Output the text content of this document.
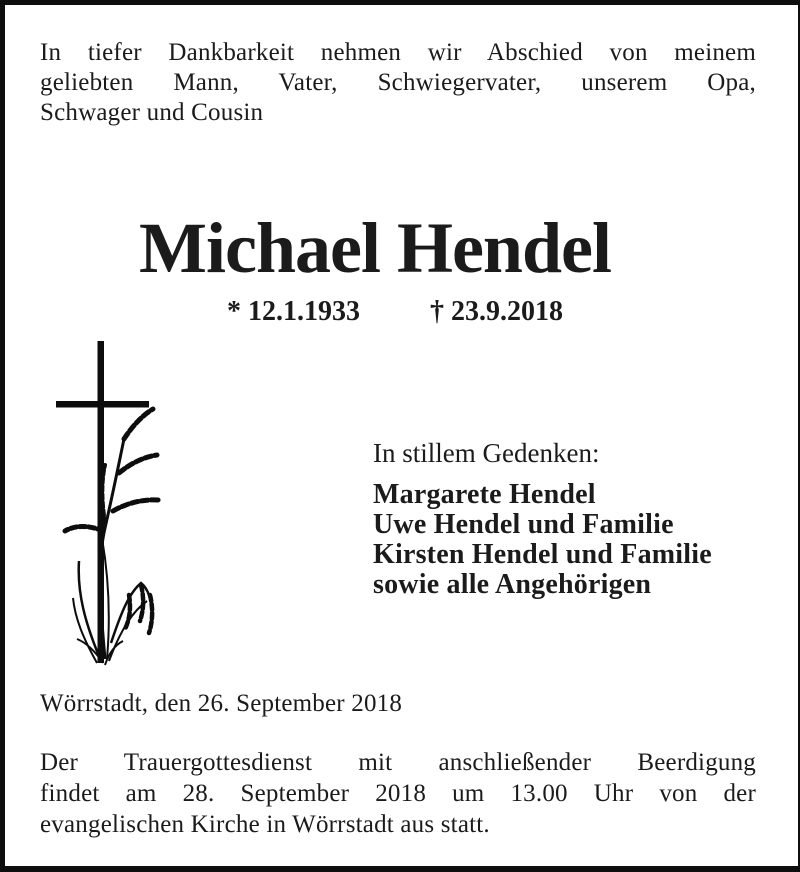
In tiefer Dankbarkeit nehmen wir Abschied von meinem
geliebten Mann, Vater, Schwiegervater, unserem Opa,
Schwager und Cousin
Michael Hendel
* 12.1.1933	† 23.9.2018
In stillem Gedenken:
Margarete Hendel
Uwe Hendel und Familie
Kirsten Hendel und Familie
sowie alle Angehörigen
Wörrstadt, den 26. September 2018
Der Trauergottesdienst mit anschließender Beerdigung
findet am 28. September 2018 um 13.00 Uhr von der
evangelischen Kirche in Wörrstadt aus statt.
